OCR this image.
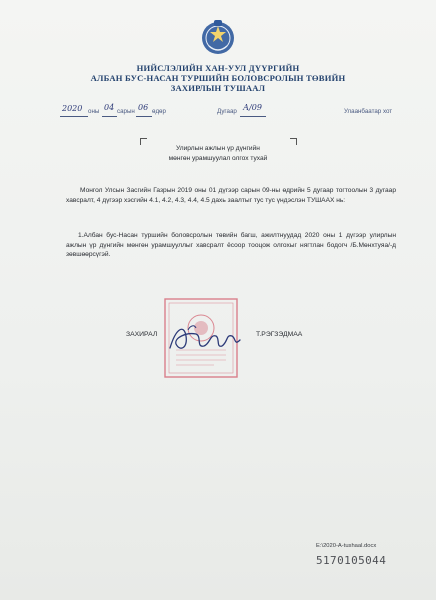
НИЙСЛЭЛИЙН ХАН-УУЛ ДҮҮРГИЙН
АЛБАН БУС-НАСАН ТУРШИЙН БОЛОВСРОЛЫН ТӨВИЙН
ЗАХИРЛЫН ТУШААЛ
2020 оны 04 сарын 06 өдөр	Дугаар А/09	Улаанбаатар хот
Улирлын ажлын үр дүнгийн
мөнгөн урамшуулал олгох тухай
Монгол Улсын Засгийн Газрын 2019 оны 01 дүгээр сарын 09-ны өдрийн 5 дугаар тогтоолын 3 дугаар хавсралт, 4 дүгээр хэсгийн 4.1, 4.2, 4.3, 4.4, 4.5 дахь заалтыг тус тус үндэслэн ТУШААХ нь:
1.Албан бус-Насан туршийн боловсролын төвийн багш, ажилтнуудад 2020 оны 1 дүгээр улирлын ажлын үр дүнгийн мөнгөн урамшууллыг хавсралт ёсоор тооцож олгохыг нягтлан бодогч /Б.Мөнхтуяа/-д зөвшөөрсүгэй.
ЗАХИРАЛ	Т.РЭГЗЭДМАА
E:\2020-A-tushaal.docx
5170105044
